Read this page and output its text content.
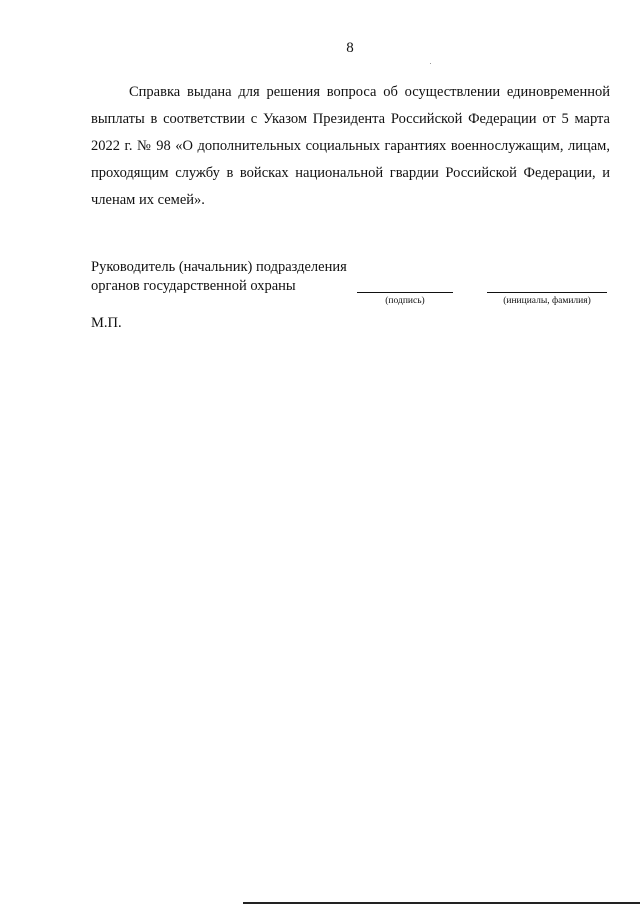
8

Справка выдана для решения вопроса об осуществлении единовременной выплаты в соответствии с Указом Президента Российской Федерации от 5 марта 2022 г. № 98 «О дополнительных социальных гарантиях военнослужащим, лицам, проходящим службу в войсках национальной гвардии Российской Федерации, и членам их семей».

Руководитель (начальник) подразделения
органов государственной охраны
(подпись)	(инициалы, фамилия)
М.П.
